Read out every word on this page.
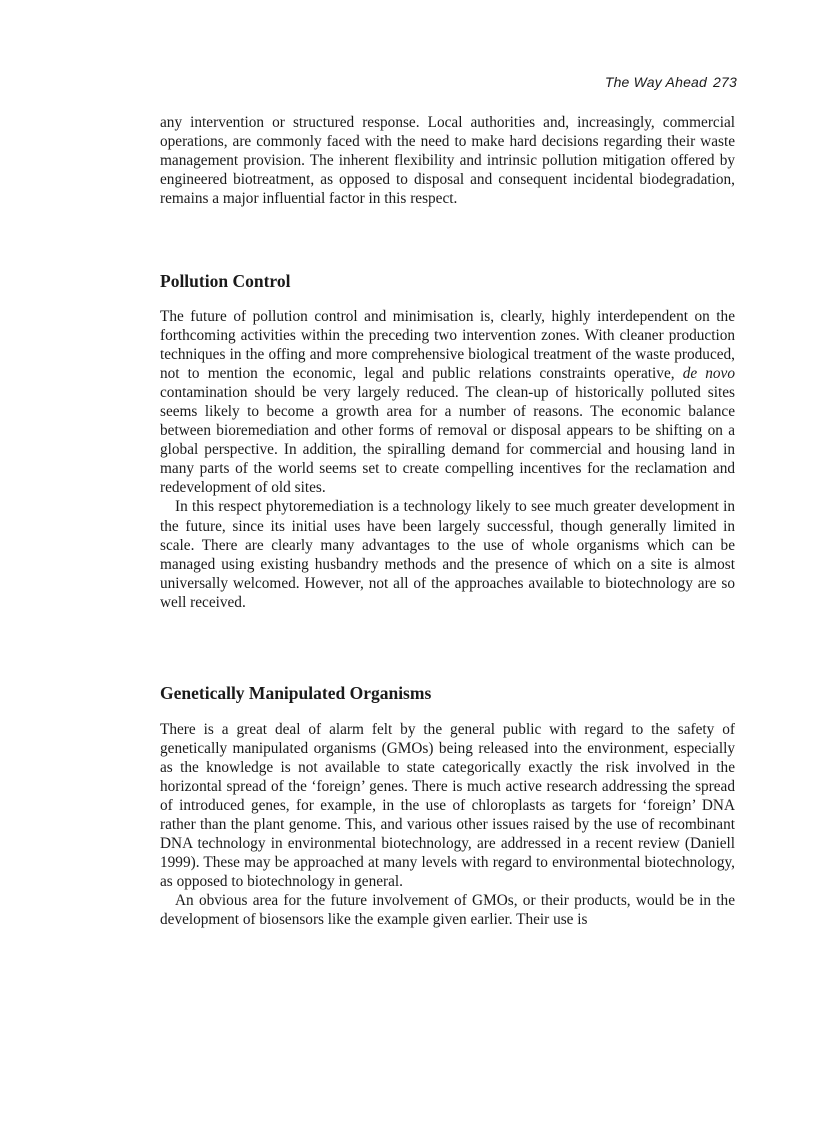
The Way Ahead 273

any intervention or structured response. Local authorities and, increasingly, commercial operations, are commonly faced with the need to make hard decisions regarding their waste management provision. The inherent flexibility and intrinsic pollution mitigation offered by engineered biotreatment, as opposed to disposal and consequent incidental biodegradation, remains a major influential factor in this respect.

Pollution Control

The future of pollution control and minimisation is, clearly, highly interdependent on the forthcoming activities within the preceding two intervention zones. With cleaner production techniques in the offing and more comprehensive biological treatment of the waste produced, not to mention the economic, legal and public relations constraints operative, de novo contamination should be very largely reduced. The clean-up of historically polluted sites seems likely to become a growth area for a number of reasons. The economic balance between bioremediation and other forms of removal or disposal appears to be shifting on a global perspective. In addition, the spiralling demand for commercial and housing land in many parts of the world seems set to create compelling incentives for the reclamation and redevelopment of old sites.

In this respect phytoremediation is a technology likely to see much greater development in the future, since its initial uses have been largely successful, though generally limited in scale. There are clearly many advantages to the use of whole organisms which can be managed using existing husbandry methods and the presence of which on a site is almost universally welcomed. However, not all of the approaches available to biotechnology are so well received.

Genetically Manipulated Organisms

There is a great deal of alarm felt by the general public with regard to the safety of genetically manipulated organisms (GMOs) being released into the environment, especially as the knowledge is not available to state categorically exactly the risk involved in the horizontal spread of the ‘foreign’ genes. There is much active research addressing the spread of introduced genes, for example, in the use of chloroplasts as targets for ‘foreign’ DNA rather than the plant genome. This, and various other issues raised by the use of recombinant DNA technology in environmental biotechnology, are addressed in a recent review (Daniell 1999). These may be approached at many levels with regard to environmental biotechnology, as opposed to biotechnology in general.

An obvious area for the future involvement of GMOs, or their products, would be in the development of biosensors like the example given earlier. Their use is
